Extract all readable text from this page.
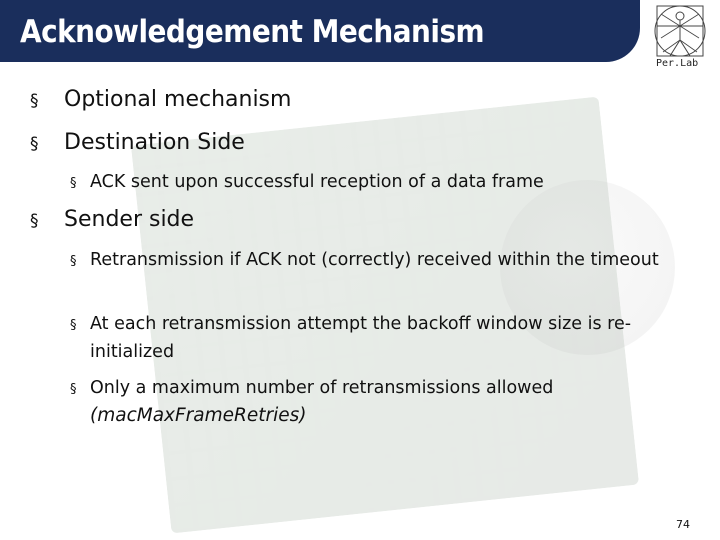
Acknowledgement Mechanism
Per.Lab
§ Optional mechanism
§ Destination Side
§ ACK sent upon successful reception of a data frame
§ Sender side
§ Retransmission if ACK not (correctly) received within the timeout
§ At each retransmission attempt the backoff window size is re-initialized
§ Only a maximum number of retransmissions allowed
(macMaxFrameRetries)
74
